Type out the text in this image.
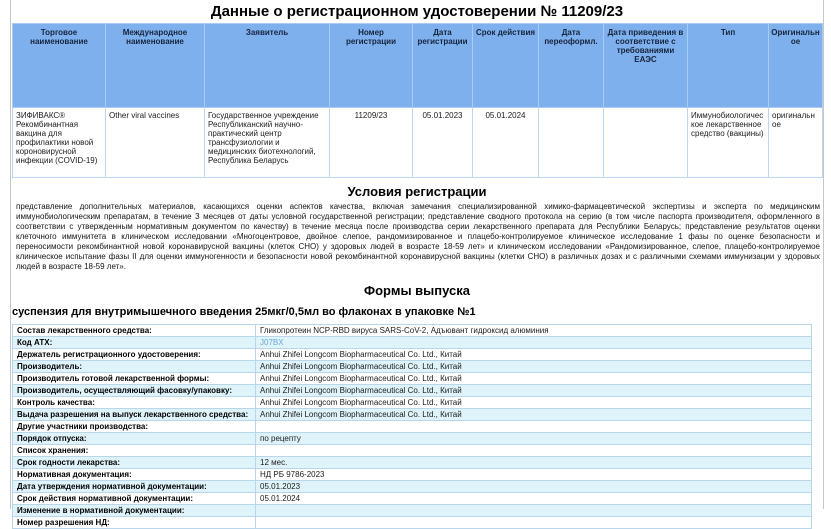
Данные о регистрационном удостоверении № 11209/23
Торговое наименование	Международное наименование	Заявитель	Номер регистрации	Дата регистрации	Срок действия	Дата переоформл.	Дата приведения в соответствие с требованиями ЕАЭС	Тип	Оригинальное
ЗИФИВАКС® Рекомбинантная вакцина для профилактики новой короновирусной инфекции (COVID-19)	Other viral vaccines	Государственное учреждение Республиканский научно-практический центр трансфузиологии и медицинских биотехнологий, Республика Беларусь	11209/23	05.01.2023	05.01.2024			Иммунобиологическое лекарственное средство (вакцины)	оригинальное
Условия регистрации
представление дополнительных материалов, касающихся оценки аспектов качества, включая замечания специализированной химико-фармацевтической экспертизы и эксперта по медицинским иммунобиологическим препаратам, в течение 3 месяцев от даты условной государственной регистрации; представление сводного протокола на серию (в том числе паспорта производителя, оформленного в соответствии с утвержденным нормативным документом по качеству) в течение месяца после производства серии лекарственного препарата для Республики Беларусь; представление результатов оценки клеточного иммунитета в клиническом исследовании «Многоцентровое, двойное слепое, рандомизированное и плацебо-контролируемое клиническое исследование 1 фазы по оценке безопасности и переносимости рекомбинантной новой коронавирусной вакцины (клеток CHO) у здоровых людей в возрасте 18-59 лет» и клиническом исследовании «Рандомизированное, слепое, плацебо-контролируемое клиническое испытание фазы II для оценки иммуногенности и безопасности новой рекомбинантной коронавирусной вакцины (клетки CHO) в различных дозах и с различными схемами иммунизации у здоровых людей в возрасте 18-59 лет».
Формы выпуска
суспензия для внутримышечного введения 25мкг/0,5мл во флаконах в упаковке №1
Состав лекарственного средства:	Гликопротеин NCP-RBD вируса SARS-CoV-2, Адъювант гидроксид алюминия
Код АТХ:	J07BX
Держатель регистрационного удостоверения:	Anhui Zhifei Longcom Biopharmaceutical Co. Ltd., Китай
Производитель:	Anhui Zhifei Longcom Biopharmaceutical Co. Ltd., Китай
Производитель готовой лекарственной формы:	Anhui Zhifei Longcom Biopharmaceutical Co. Ltd., Китай
Производитель, осуществляющий фасовку/упаковку:	Anhui Zhifei Longcom Biopharmaceutical Co. Ltd., Китай
Контроль качества:	Anhui Zhifei Longcom Biopharmaceutical Co. Ltd., Китай
Выдача разрешения на выпуск лекарственного средства:	Anhui Zhifei Longcom Biopharmaceutical Co. Ltd., Китай
Другие участники производства:	
Порядок отпуска:	по рецепту
Список хранения:	
Срок годности лекарства:	12 мес.
Нормативная документация:	НД РБ 9786-2023
Дата утверждения нормативной документации:	05.01.2023
Срок действия нормативной документации:	05.01.2024
Изменение в нормативной документации:	
Номер разрешения НД:	
